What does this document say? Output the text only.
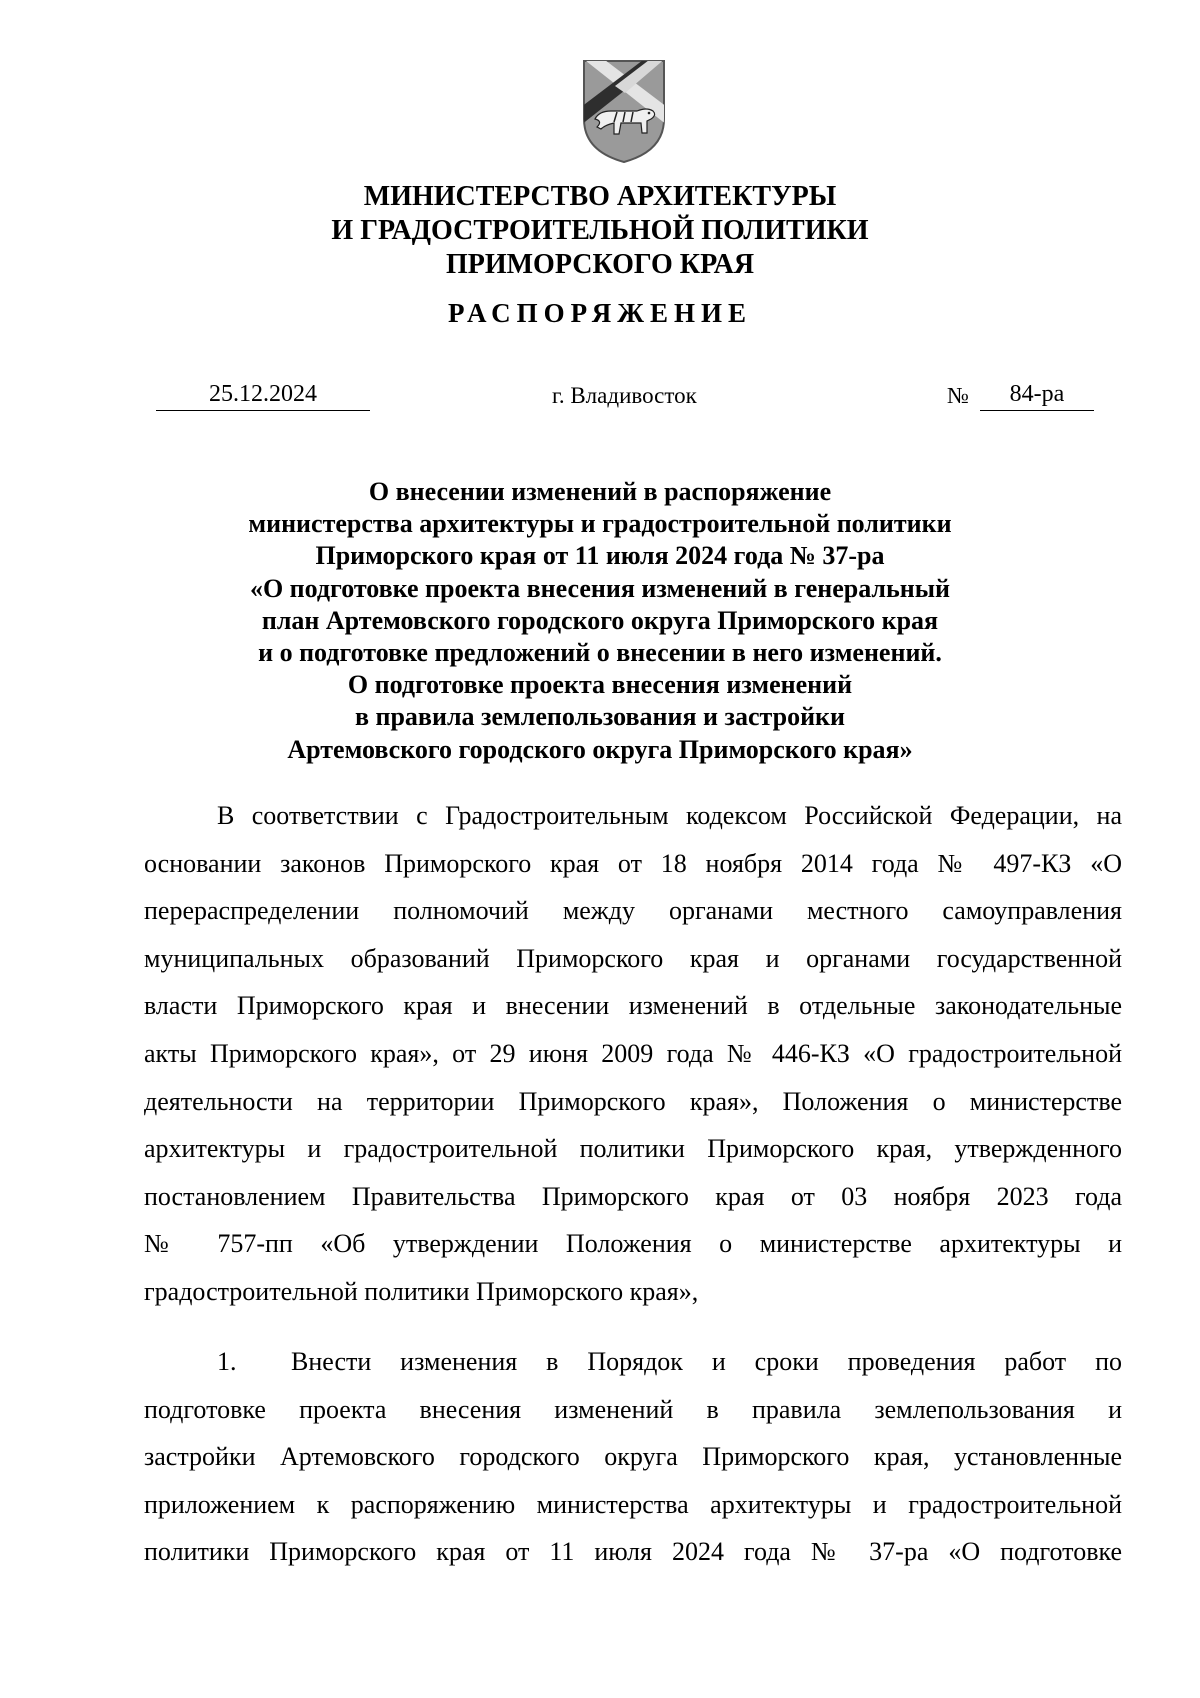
МИНИСТЕРСТВО АРХИТЕКТУРЫ
И ГРАДОСТРОИТЕЛЬНОЙ ПОЛИТИКИ
ПРИМОРСКОГО КРАЯ
РАСПОРЯЖЕНИЕ
25.12.2024	г. Владивосток	№	84-ра
О внесении изменений в распоряжение
министерства архитектуры и градостроительной политики
Приморского края от 11 июля 2024 года № 37-ра
«О подготовке проекта внесения изменений в генеральный
план Артемовского городского округа Приморского края
и о подготовке предложений о внесении в него изменений.
О подготовке проекта внесения изменений
в правила землепользования и застройки
Артемовского городского округа Приморского края»
В соответствии с Градостроительным кодексом Российской Федерации, на
основании законов Приморского края от 18 ноября 2014 года № 497-КЗ «О
перераспределении полномочий между органами местного самоуправления
муниципальных образований Приморского края и органами государственной
власти Приморского края и внесении изменений в отдельные законодательные
акты Приморского края», от 29 июня 2009 года № 446-КЗ «О градостроительной
деятельности на территории Приморского края», Положения о министерстве
архитектуры и градостроительной политики Приморского края, утвержденного
постановлением Правительства Приморского края от 03 ноября 2023 года
№ 757-пп «Об утверждении Положения о министерстве архитектуры и
градостроительной политики Приморского края»,
1. Внести изменения в Порядок и сроки проведения работ по
подготовке проекта внесения изменений в правила землепользования и
застройки Артемовского городского округа Приморского края, установленные
приложением к распоряжению министерства архитектуры и градостроительной
политики Приморского края от 11 июля 2024 года № 37-ра «О подготовке
